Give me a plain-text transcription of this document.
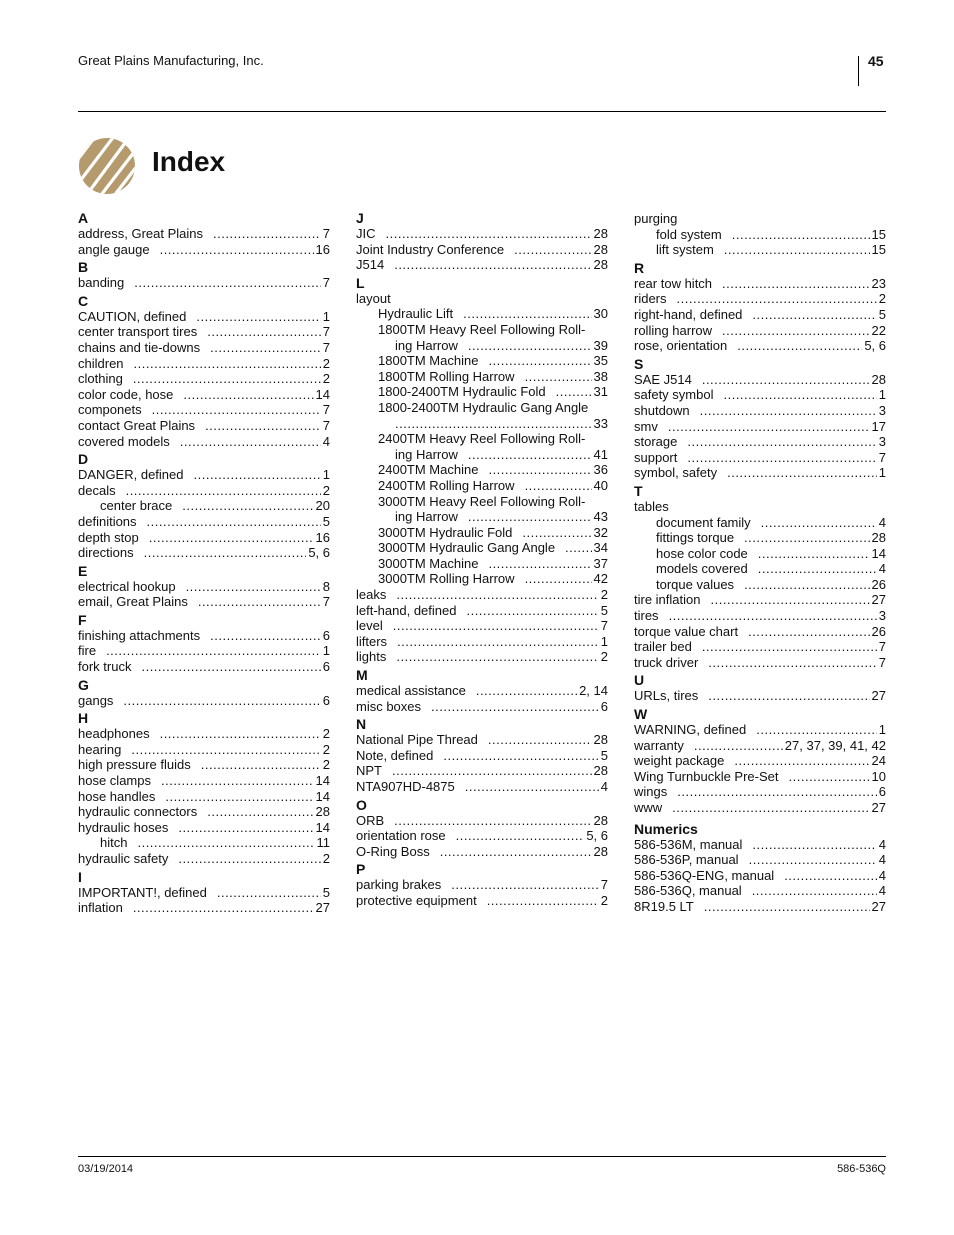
Great Plains Manufacturing, Inc.	45
Index
A
address, Great Plains .....	7
angle gauge .....	16
B
banding .....	7
C
CAUTION, defined .....	1
center transport tires .....	7
chains and tie-downs .....	7
children .....	2
clothing .....	2
color code, hose .....	14
componets .....	7
contact Great Plains .....	7
covered models .....	4
D
DANGER, defined .....	1
decals .....	2
center brace .....	20
definitions .....	5
depth stop .....	16
directions .....	5, 6
E
electrical hookup .....	8
email, Great Plains .....	7
F
finishing attachments .....	6
fire .....	1
fork truck .....	6
G
gangs .....	6
H
headphones .....	2
hearing .....	2
high pressure fluids .....	2
hose clamps .....	14
hose handles .....	14
hydraulic connectors .....	28
hydraulic hoses .....	14
hitch .....	11
hydraulic safety .....	2
I
IMPORTANT!, defined .....	5
inflation .....	27
J
JIC .....	28
Joint Industry Conference .....	28
J514 .....	28
L
layout
Hydraulic Lift .....	30
1800TM Heavy Reel Following Roll-
ing Harrow .....	39
1800TM Machine .....	35
1800TM Rolling Harrow .....	38
1800-2400TM Hydraulic Fold .....	31
1800-2400TM Hydraulic Gang Angle
.....
33
2400TM Heavy Reel Following Roll-
ing Harrow .....	41
2400TM Machine .....	36
2400TM Rolling Harrow .....	40
3000TM Heavy Reel Following Roll-
ing Harrow .....	43
3000TM Hydraulic Fold .....	32
3000TM Hydraulic Gang Angle .....	34
3000TM Machine .....	37
3000TM Rolling Harrow .....	42
leaks .....	2
left-hand, defined .....	5
level .....	7
lifters .....	1
lights .....	2
M
medical assistance .....	2, 14
misc boxes .....	6
N
National Pipe Thread .....	28
Note, defined .....	5
NPT .....	28
NTA907HD-4875 .....	4
O
ORB .....	28
orientation rose .....	5, 6
O-Ring Boss .....	28
P
parking brakes .....	7
protective equipment .....	2
purging
fold system .....	15
lift system .....	15
R
rear tow hitch .....	23
riders .....	2
right-hand, defined .....	5
rolling harrow .....	22
rose, orientation .....	5, 6
S
SAE J514 .....	28
safety symbol .....	1
shutdown .....	3
smv .....	17
storage .....	3
support .....	7
symbol, safety .....	1
T
tables
document family .....	4
fittings torque .....	28
hose color code .....	14
models covered .....	4
torque values .....	26
tire inflation .....	27
tires .....	3
torque value chart .....	26
trailer bed .....	7
truck driver .....	7
U
URLs, tires .....	27
W
WARNING, defined .....	1
warranty .....	27, 37, 39, 41, 42
weight package .....	24
Wing Turnbuckle Pre-Set .....	10
wings .....	6
www .....	27
Numerics
586-536M, manual .....	4
586-536P, manual .....	4
586-536Q-ENG, manual .....	4
586-536Q, manual .....	4
8R19.5 LT .....	27
03/19/2014	586-536Q
